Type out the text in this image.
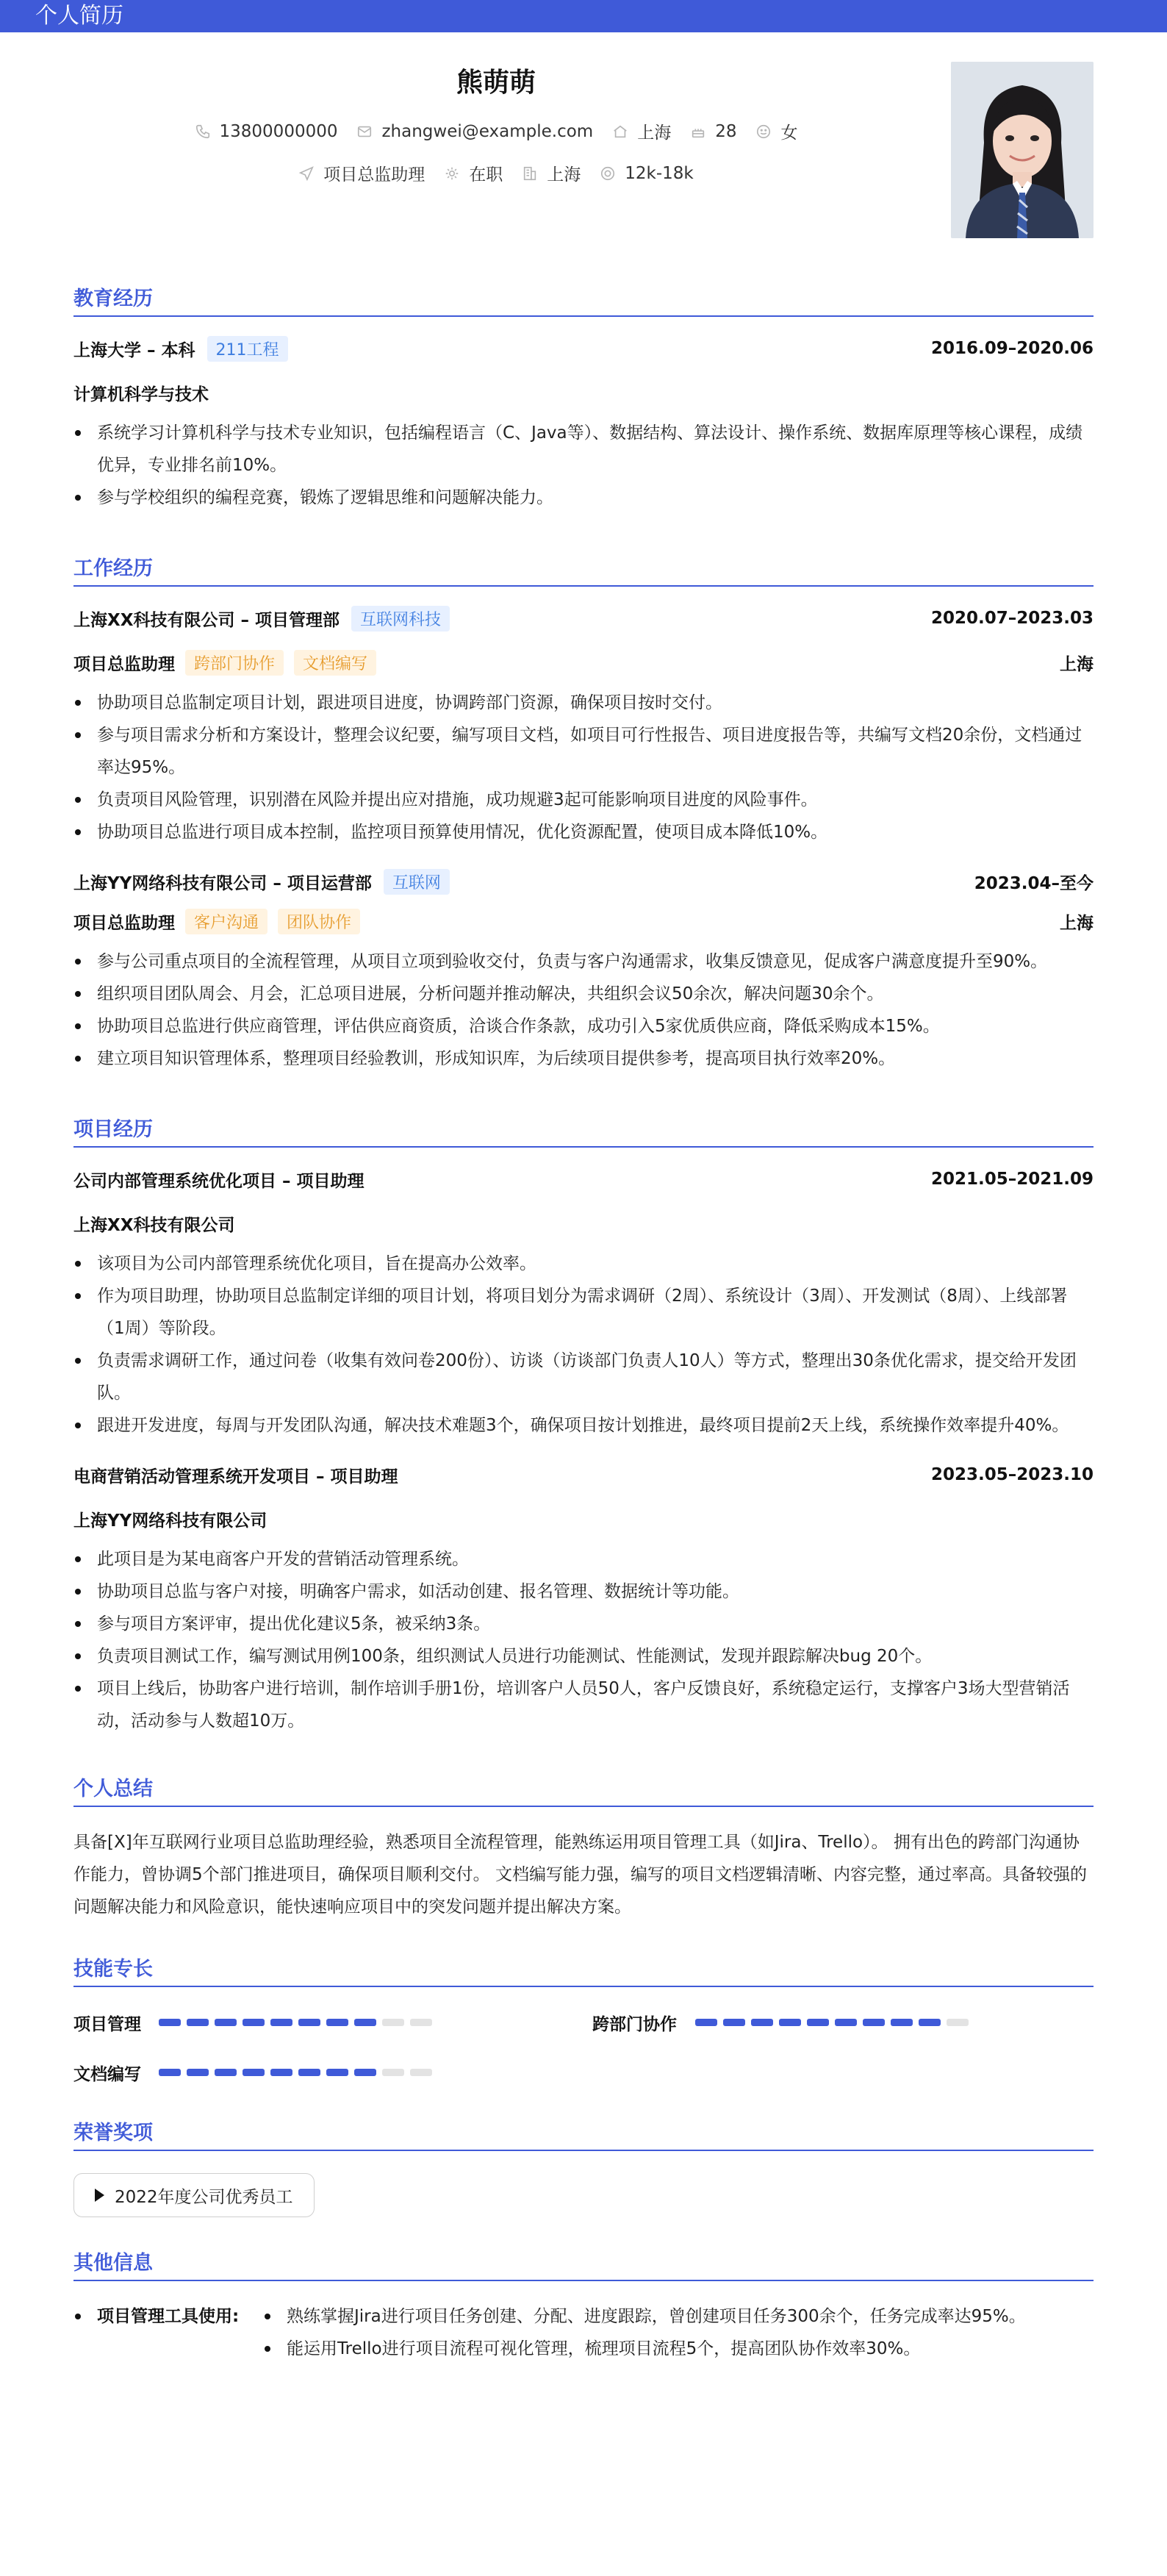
个人简历
熊萌萌
13800000000	zhangwei@example.com	上海	28	女
项目总监助理	在职	上海	12k-18k
教育经历
上海大学 – 本科	211工程	2016.09–2020.06
计算机科学与技术
系统学习计算机科学与技术专业知识，包括编程语言（C、Java等）、数据结构、算法设计、操作系统、数据库原理等核心课程，成绩优异，专业排名前10%。
参与学校组织的编程竞赛，锻炼了逻辑思维和问题解决能力。
工作经历
上海XX科技有限公司 – 项目管理部	互联网科技	2020.07–2023.03
项目总监助理	跨部门协作	文档编写	上海
协助项目总监制定项目计划，跟进项目进度，协调跨部门资源，确保项目按时交付。
参与项目需求分析和方案设计，整理会议纪要，编写项目文档，如项目可行性报告、项目进度报告等，共编写文档20余份，文档通过率达95%。
负责项目风险管理，识别潜在风险并提出应对措施，成功规避3起可能影响项目进度的风险事件。
协助项目总监进行项目成本控制，监控项目预算使用情况，优化资源配置，使项目成本降低10%。
上海YY网络科技有限公司 – 项目运营部	互联网	2023.04–至今
项目总监助理	客户沟通	团队协作	上海
参与公司重点项目的全流程管理，从项目立项到验收交付，负责与客户沟通需求，收集反馈意见，促成客户满意度提升至90%。
组织项目团队周会、月会，汇总项目进展，分析问题并推动解决，共组织会议50余次，解决问题30余个。
协助项目总监进行供应商管理，评估供应商资质，洽谈合作条款，成功引入5家优质供应商，降低采购成本15%。
建立项目知识管理体系，整理项目经验教训，形成知识库，为后续项目提供参考，提高项目执行效率20%。
项目经历
公司内部管理系统优化项目 – 项目助理	2021.05–2021.09
上海XX科技有限公司
该项目为公司内部管理系统优化项目，旨在提高办公效率。
作为项目助理，协助项目总监制定详细的项目计划，将项目划分为需求调研（2周）、系统设计（3周）、开发测试（8周）、上线部署（1周）等阶段。
负责需求调研工作，通过问卷（收集有效问卷200份）、访谈（访谈部门负责人10人）等方式，整理出30条优化需求，提交给开发团队。
跟进开发进度，每周与开发团队沟通，解决技术难题3个，确保项目按计划推进，最终项目提前2天上线，系统操作效率提升40%。
电商营销活动管理系统开发项目 – 项目助理	2023.05–2023.10
上海YY网络科技有限公司
此项目是为某电商客户开发的营销活动管理系统。
协助项目总监与客户对接，明确客户需求，如活动创建、报名管理、数据统计等功能。
参与项目方案评审，提出优化建议5条，被采纳3条。
负责项目测试工作，编写测试用例100条，组织测试人员进行功能测试、性能测试，发现并跟踪解决bug 20个。
项目上线后，协助客户进行培训，制作培训手册1份，培训客户人员50人，客户反馈良好，系统稳定运行，支撑客户3场大型营销活动，活动参与人数超10万。
个人总结
具备[X]年互联网行业项目总监助理经验，熟悉项目全流程管理，能熟练运用项目管理工具（如Jira、Trello）。 拥有出色的跨部门沟通协作能力，曾协调5个部门推进项目，确保项目顺利交付。 文档编写能力强，编写的项目文档逻辑清晰、内容完整，通过率高。具备较强的问题解决能力和风险意识，能快速响应项目中的突发问题并提出解决方案。
技能专长
项目管理	跨部门协作
文档编写
荣誉奖项
2022年度公司优秀员工
其他信息
项目管理工具使用:	熟练掌握Jira进行项目任务创建、分配、进度跟踪，曾创建项目任务300余个，任务完成率达95%。
能运用Trello进行项目流程可视化管理，梳理项目流程5个，提高团队协作效率30%。
